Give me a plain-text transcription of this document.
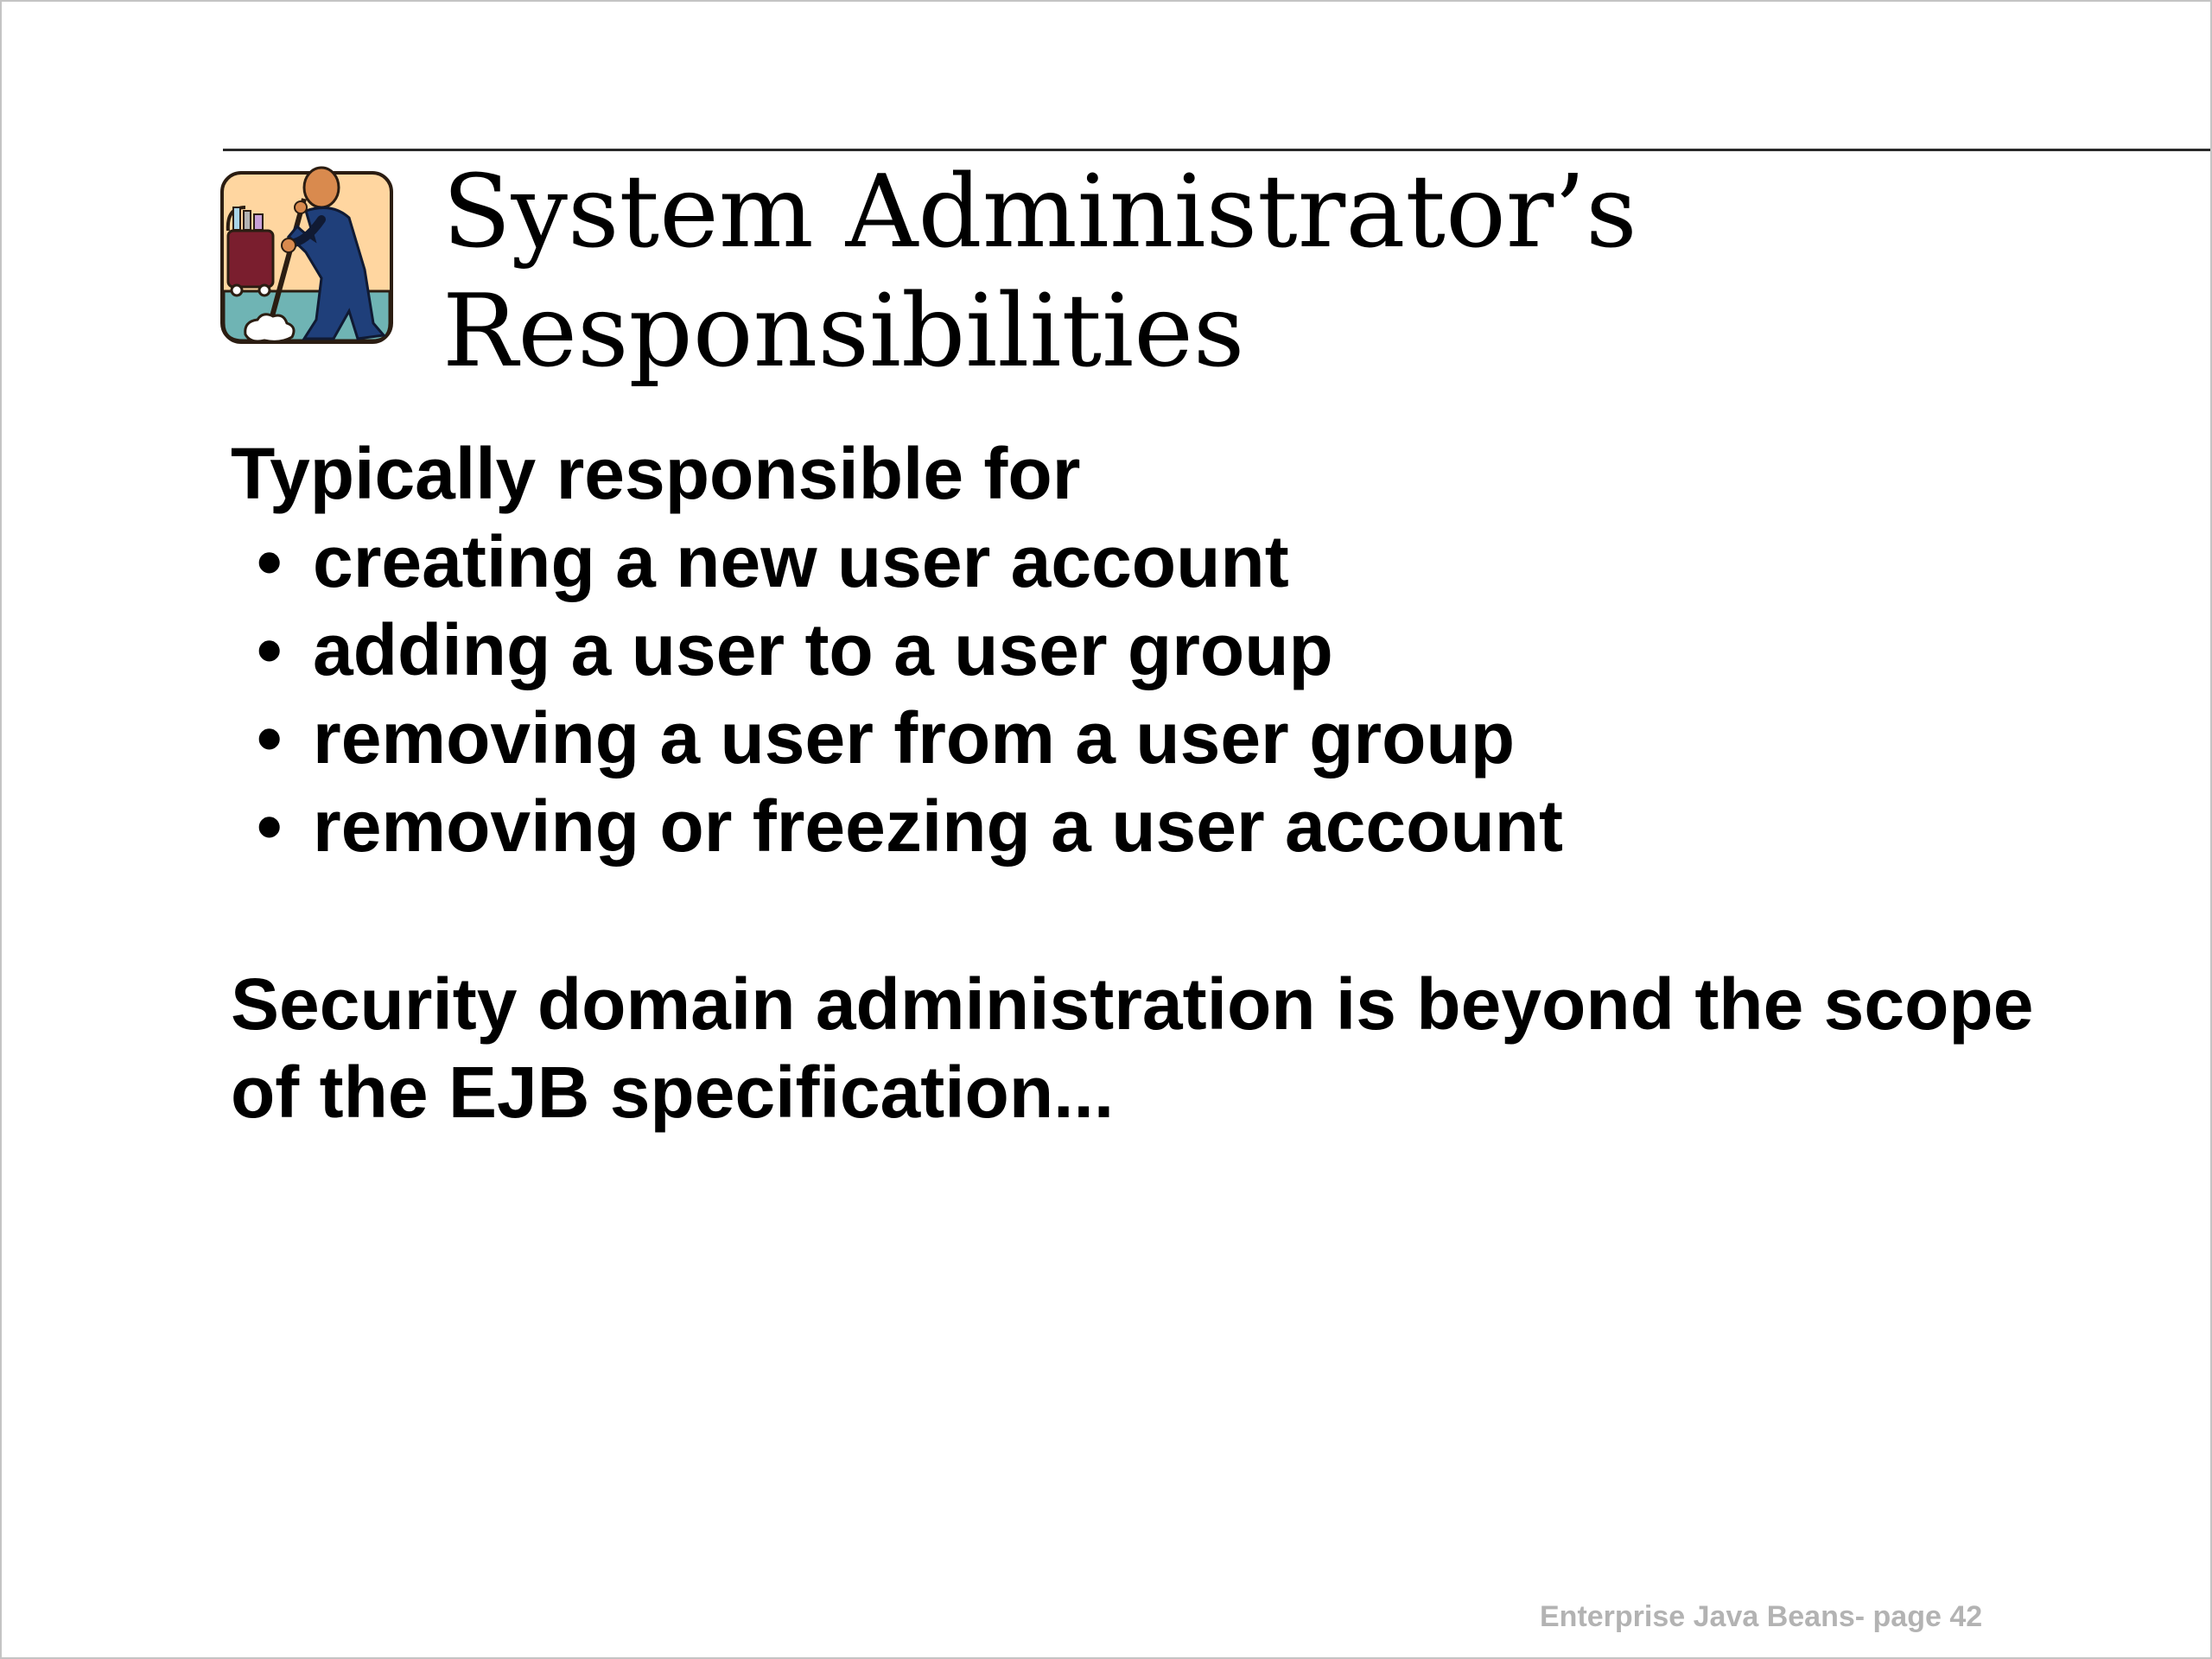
System Administrator’s
Responsibilities

Typically responsible for

• creating a new user account
• adding a user to a user group
• removing a user from a user group
• removing or freezing a user account

Security domain administration is beyond the scope of the EJB specification...

Enterprise Java Beans- page 42
